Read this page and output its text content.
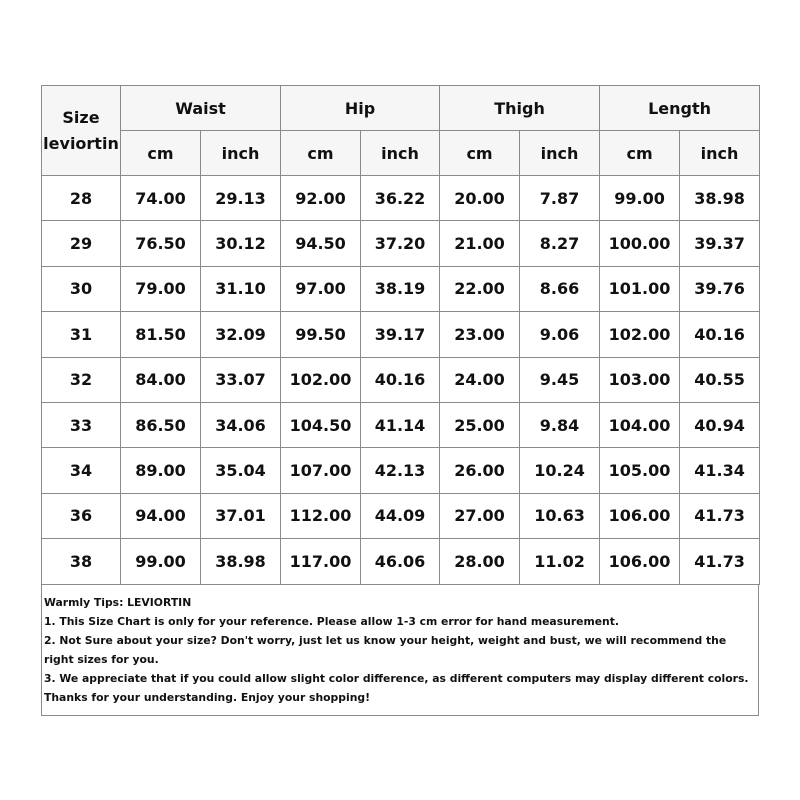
Size
leviortin	Waist		Hip		Thigh		Length	
	cm	inch	cm	inch	cm	inch	cm	inch
28	74.00	29.13	92.00	36.22	20.00	7.87	99.00	38.98
29	76.50	30.12	94.50	37.20	21.00	8.27	100.00	39.37
30	79.00	31.10	97.00	38.19	22.00	8.66	101.00	39.76
31	81.50	32.09	99.50	39.17	23.00	9.06	102.00	40.16
32	84.00	33.07	102.00	40.16	24.00	9.45	103.00	40.55
33	86.50	34.06	104.50	41.14	25.00	9.84	104.00	40.94
34	89.00	35.04	107.00	42.13	26.00	10.24	105.00	41.34
36	94.00	37.01	112.00	44.09	27.00	10.63	106.00	41.73
38	99.00	38.98	117.00	46.06	28.00	11.02	106.00	41.73

Warmly Tips: LEVIORTIN

1. This Size Chart is only for your reference. Please allow 1-3 cm error for hand measurement.

2. Not Sure about your size? Don't worry, just let us know your height, weight and bust, we will recommend the right sizes for you.

3. We appreciate that if you could allow slight color difference, as different computers may display different colors.

Thanks for your understanding. Enjoy your shopping!
